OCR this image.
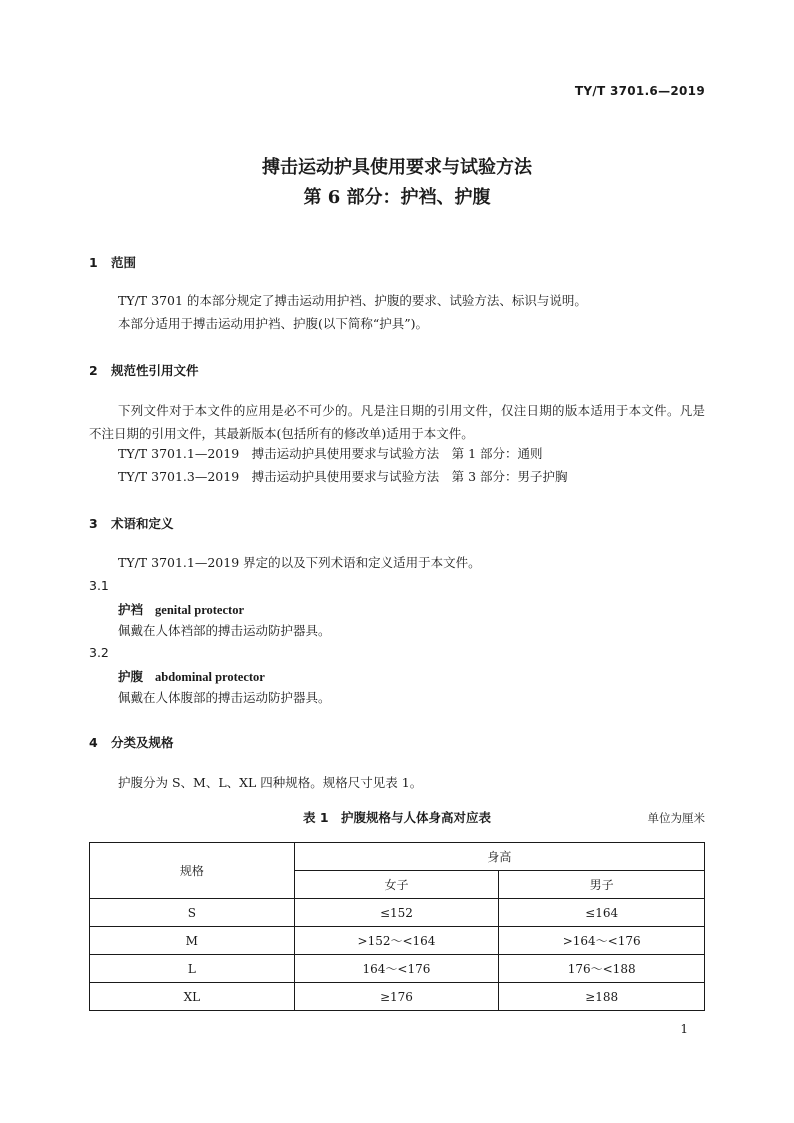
TY/T 3701.6—2019
搏击运动护具使用要求与试验方法
第 6 部分：护裆、护腹
1 范围
TY/T 3701 的本部分规定了搏击运动用护裆、护腹的要求、试验方法、标识与说明。
本部分适用于搏击运动用护裆、护腹(以下简称“护具”)。
2 规范性引用文件
下列文件对于本文件的应用是必不可少的。凡是注日期的引用文件，仅注日期的版本适用于本文件。凡是不注日期的引用文件，其最新版本(包括所有的修改单)适用于本文件。
TY/T 3701.1—2019　搏击运动护具使用要求与试验方法　第 1 部分：通则
TY/T 3701.3—2019　搏击运动护具使用要求与试验方法　第 3 部分：男子护胸
3 术语和定义
TY/T 3701.1—2019 界定的以及下列术语和定义适用于本文件。
3.1
护裆 genital protector
佩戴在人体裆部的搏击运动防护器具。
3.2
护腹 abdominal protector
佩戴在人体腹部的搏击运动防护器具。
4 分类及规格
护腹分为 S、M、L、XL 四种规格。规格尺寸见表 1。
表 1　护腹规格与人体身高对应表	单位为厘米
规格	身高	
	女子	男子
S	≤152	≤164
M	>152～<164	>164～<176
L	164～<176	176～<188
XL	≥176	≥188
1
